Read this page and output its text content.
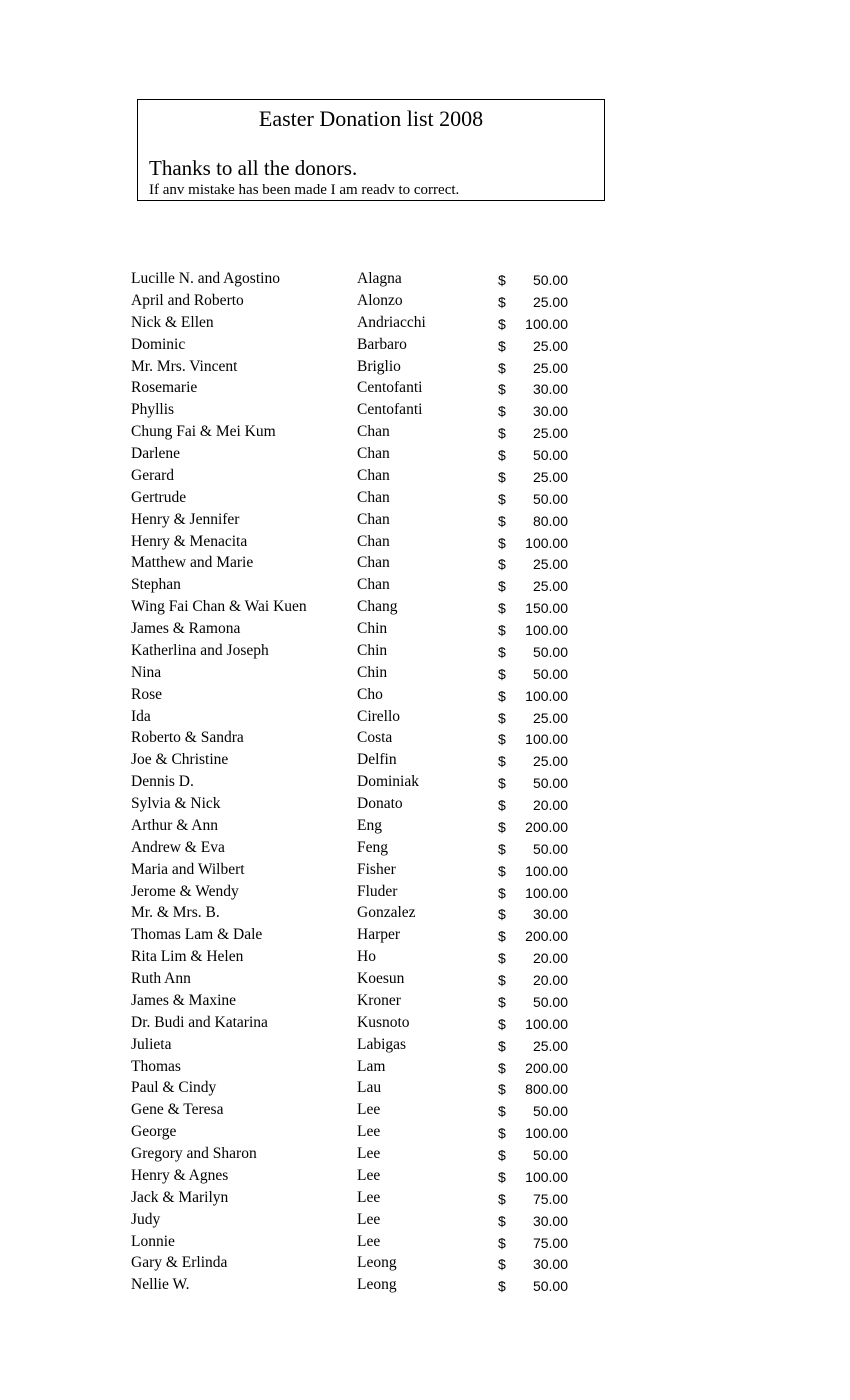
Easter Donation list 2008
Thanks to all the donors.
If anv mistake has been made I am readv to correct.
Lucille N. and Agostino	Alagna	$	50.00
April and Roberto	Alonzo	$	25.00
Nick & Ellen	Andriacchi	$	100.00
Dominic	Barbaro	$	25.00
Mr. Mrs. Vincent	Briglio	$	25.00
Rosemarie	Centofanti	$	30.00
Phyllis	Centofanti	$	30.00
Chung Fai & Mei Kum	Chan	$	25.00
Darlene	Chan	$	50.00
Gerard	Chan	$	25.00
Gertrude	Chan	$	50.00
Henry & Jennifer	Chan	$	80.00
Henry & Menacita	Chan	$	100.00
Matthew and Marie	Chan	$	25.00
Stephan	Chan	$	25.00
Wing Fai Chan & Wai Kuen	Chang	$	150.00
James & Ramona	Chin	$	100.00
Katherlina and Joseph	Chin	$	50.00
Nina	Chin	$	50.00
Rose	Cho	$	100.00
Ida	Cirello	$	25.00
Roberto & Sandra	Costa	$	100.00
Joe & Christine	Delfin	$	25.00
Dennis D.	Dominiak	$	50.00
Sylvia & Nick	Donato	$	20.00
Arthur & Ann	Eng	$	200.00
Andrew & Eva	Feng	$	50.00
Maria and Wilbert	Fisher	$	100.00
Jerome & Wendy	Fluder	$	100.00
Mr. & Mrs. B.	Gonzalez	$	30.00
Thomas Lam & Dale	Harper	$	200.00
Rita Lim & Helen	Ho	$	20.00
Ruth Ann	Koesun	$	20.00
James & Maxine	Kroner	$	50.00
Dr. Budi and Katarina	Kusnoto	$	100.00
Julieta	Labigas	$	25.00
Thomas	Lam	$	200.00
Paul & Cindy	Lau	$	800.00
Gene & Teresa	Lee	$	50.00
George	Lee	$	100.00
Gregory and Sharon	Lee	$	50.00
Henry & Agnes	Lee	$	100.00
Jack & Marilyn	Lee	$	75.00
Judy	Lee	$	30.00
Lonnie	Lee	$	75.00
Gary & Erlinda	Leong	$	30.00
Nellie W.	Leong	$	50.00
